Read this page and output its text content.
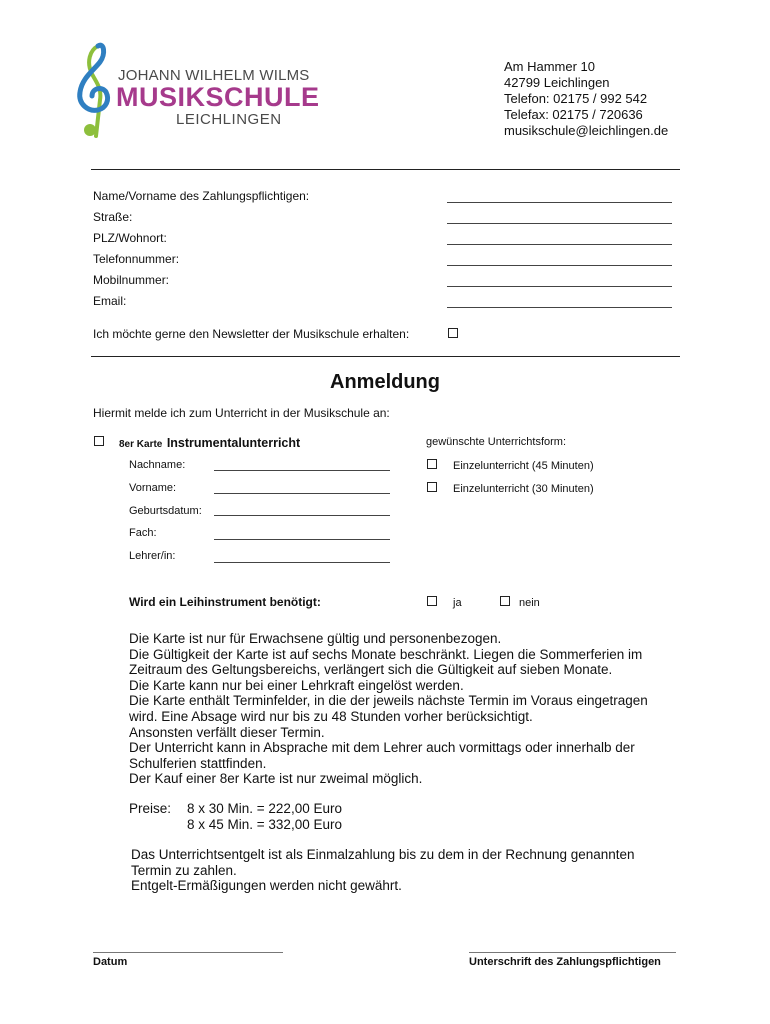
JOHANN WILHELM WILMS
MUSIKSCHULE
LEICHLINGEN
Am Hammer 10
42799 Leichlingen
Telefon: 02175 / 992 542
Telefax: 02175 / 720636
musikschule@leichlingen.de
Name/Vorname des Zahlungspflichtigen:
Straße:
PLZ/Wohnort:
Telefonnummer:
Mobilnummer:
Email:
Ich möchte gerne den Newsletter der Musikschule erhalten:
Anmeldung
Hiermit melde ich zum Unterricht in der Musikschule an:
8er Karte Instrumentalunterricht	gewünschte Unterrichtsform:
Nachname:
Vorname:
Geburtsdatum:
Fach:
Lehrer/in:
Einzelunterricht (45 Minuten)
Einzelunterricht (30 Minuten)
Wird ein Leihinstrument benötigt:	ja	nein
Die Karte ist nur für Erwachsene gültig und personenbezogen.
Die Gültigkeit der Karte ist auf sechs Monate beschränkt. Liegen die Sommerferien im
Zeitraum des Geltungsbereichs, verlängert sich die Gültigkeit auf sieben Monate.
Die Karte kann nur bei einer Lehrkraft eingelöst werden.
Die Karte enthält Terminfelder, in die der jeweils nächste Termin im Voraus eingetragen
wird. Eine Absage wird nur bis zu 48 Stunden vorher berücksichtigt.
Ansonsten verfällt dieser Termin.
Der Unterricht kann in Absprache mit dem Lehrer auch vormittags oder innerhalb der
Schulferien stattfinden.
Der Kauf einer 8er Karte ist nur zweimal möglich.
Preise: 8 x 30 Min. = 222,00 Euro
8 x 45 Min. = 332,00 Euro
Das Unterrichtsentgelt ist als Einmalzahlung bis zu dem in der Rechnung genannten
Termin zu zahlen.
Entgelt-Ermäßigungen werden nicht gewährt.
Datum	Unterschrift des Zahlungspflichtigen
